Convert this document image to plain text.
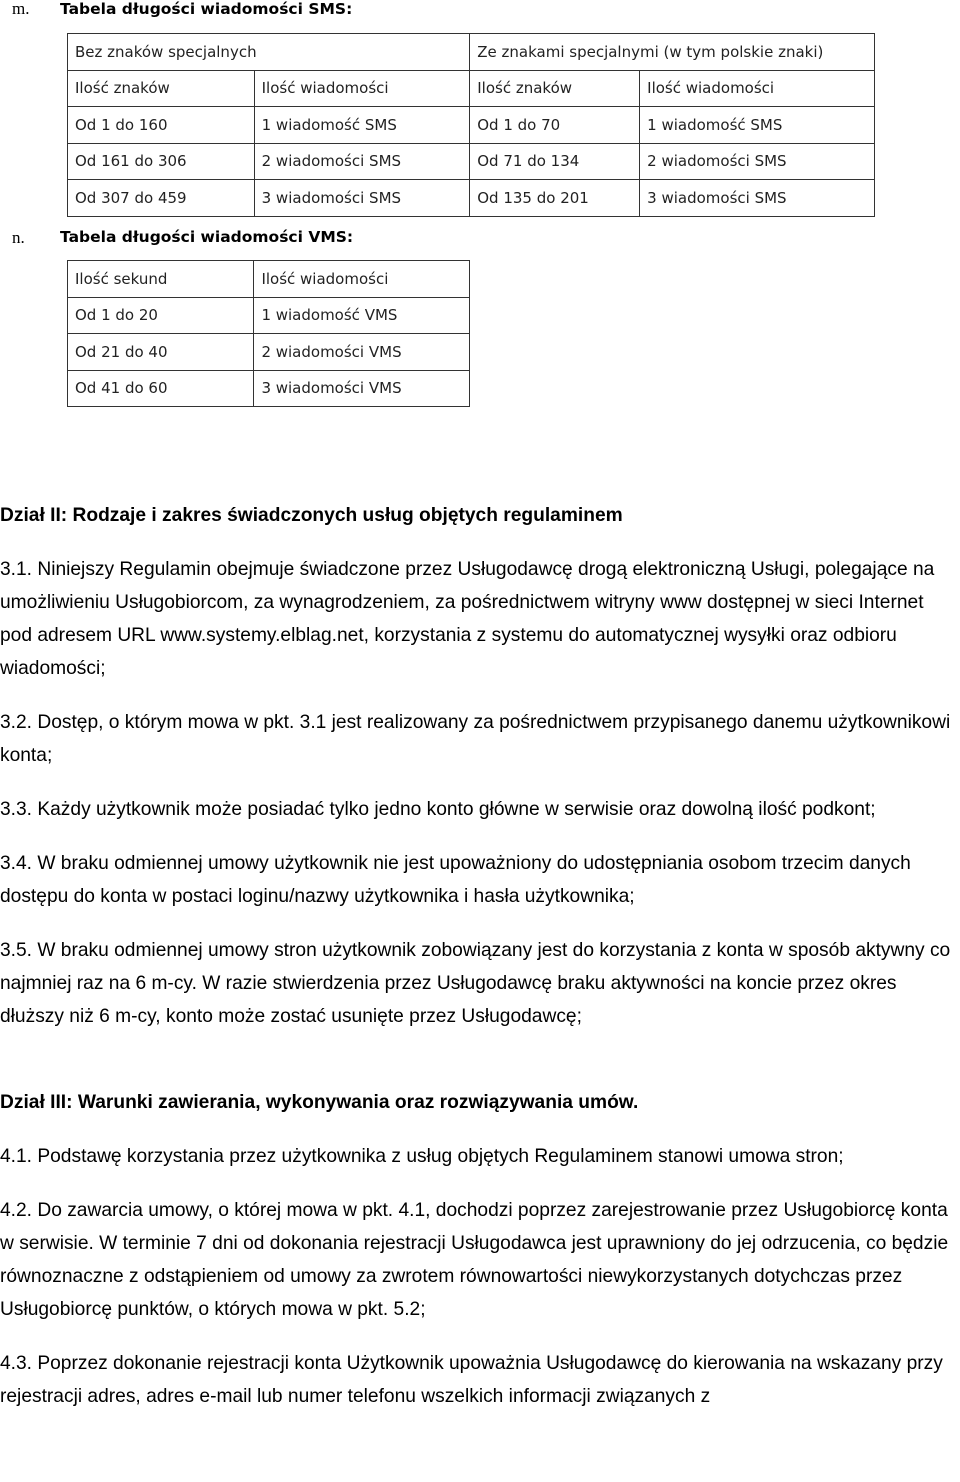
m. Tabela długości wiadomości SMS:
Bez znaków specjalnych		Ze znakami specjalnymi (w tym polskie znaki)	
Ilość znaków	Ilość wiadomości	Ilość znaków	Ilość wiadomości
Od 1 do 160	1 wiadomość SMS	Od 1 do 70	1 wiadomość SMS
Od 161 do 306	2 wiadomości SMS	Od 71 do 134	2 wiadomości SMS
Od 307 do 459	3 wiadomości SMS	Od 135 do 201	3 wiadomości SMS
n. Tabela długości wiadomości VMS:
Ilość sekund	Ilość wiadomości
Od 1 do 20	1 wiadomość VMS
Od 21 do 40	2 wiadomości VMS
Od 41 do 60	3 wiadomości VMS
Dział II: Rodzaje i zakres świadczonych usług objętych regulaminem

3.1. Niniejszy Regulamin obejmuje świadczone przez Usługodawcę drogą elektroniczną Usługi, polegające na umożliwieniu Usługobiorcom, za wynagrodzeniem, za pośrednictwem witryny www dostępnej w sieci Internet pod adresem URL www.systemy.elblag.net, korzystania z systemu do automatycznej wysyłki oraz odbioru wiadomości;

3.2. Dostęp, o którym mowa w pkt. 3.1 jest realizowany za pośrednictwem przypisanego danemu użytkownikowi konta;

3.3. Każdy użytkownik może posiadać tylko jedno konto główne w serwisie oraz dowolną ilość podkont;

3.4. W braku odmiennej umowy użytkownik nie jest upoważniony do udostępniania osobom trzecim danych dostępu do konta w postaci loginu/nazwy użytkownika i hasła użytkownika;

3.5. W braku odmiennej umowy stron użytkownik zobowiązany jest do korzystania z konta w sposób aktywny co najmniej raz na 6 m-cy. W razie stwierdzenia przez Usługodawcę braku aktywności na koncie przez okres dłuższy niż 6 m-cy, konto może zostać usunięte przez Usługodawcę;

Dział III: Warunki zawierania, wykonywania oraz rozwiązywania umów.

4.1. Podstawę korzystania przez użytkownika z usług objętych Regulaminem stanowi umowa stron;

4.2. Do zawarcia umowy, o której mowa w pkt. 4.1, dochodzi poprzez zarejestrowanie przez Usługobiorcę konta w serwisie. W terminie 7 dni od dokonania rejestracji Usługodawca jest uprawniony do jej odrzucenia, co będzie równoznaczne z odstąpieniem od umowy za zwrotem równowartości niewykorzystanych dotychczas przez Usługobiorcę punktów, o których mowa w pkt. 5.2;

4.3. Poprzez dokonanie rejestracji konta Użytkownik upoważnia Usługodawcę do kierowania na wskazany przy rejestracji adres, adres e-mail lub numer telefonu wszelkich informacji związanych z
